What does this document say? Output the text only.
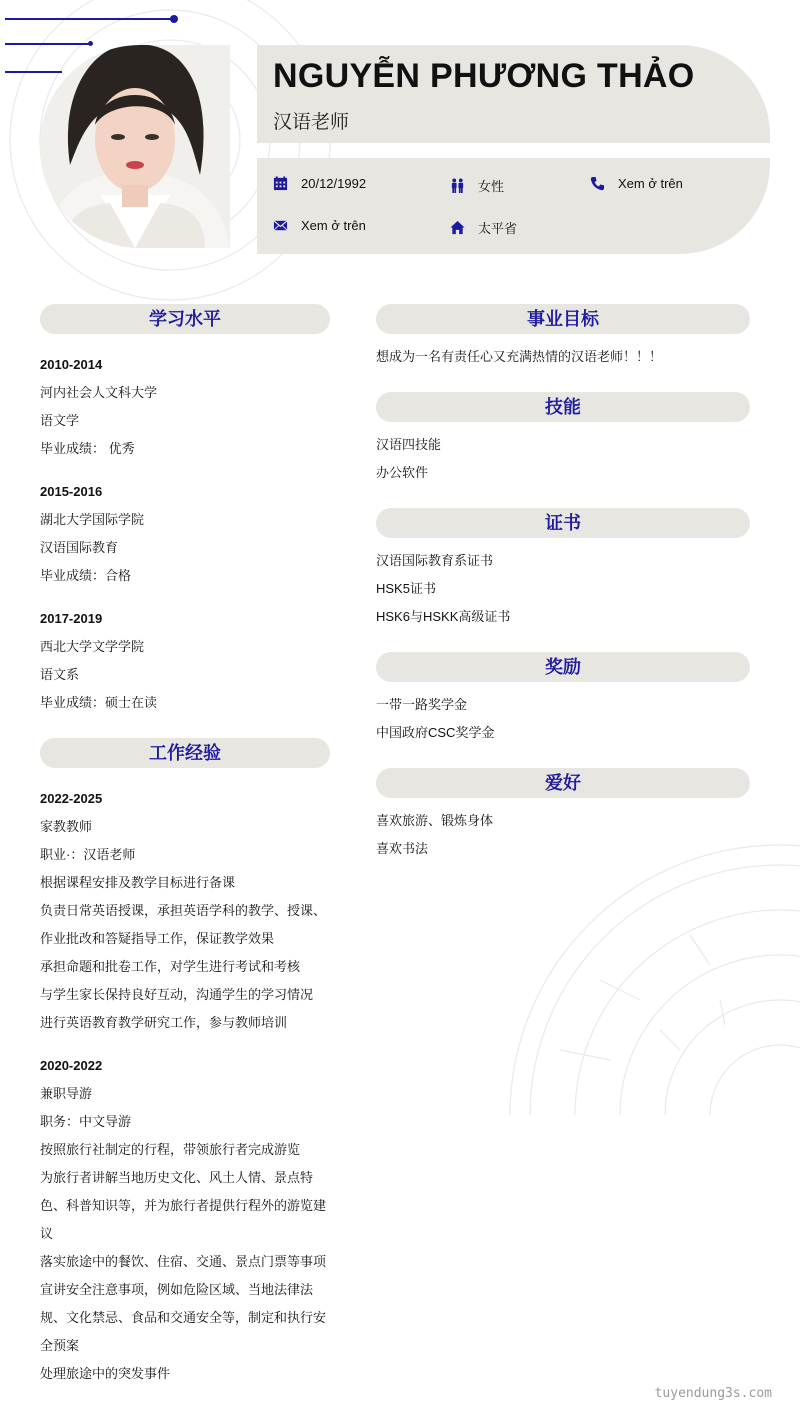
NGUYỄN PHƯƠNG THẢO
汉语老师
20/12/1992	女性	Xem ở trên
Xem ở trên	太平省
学习水平
2010-2014
河内社会人文科大学
语文学
毕业成绩： 优秀
2015-2016
湖北大学国际学院
汉语国际教育
毕业成绩：合格
2017-2019
西北大学文学学院
语文系
毕业成绩：硕士在读
工作经验
2022-2025
家教教师
职业·：汉语老师
根据课程安排及教学目标进行备课
负责日常英语授课，承担英语学科的教学、授课、
作业批改和答疑指导工作，保证教学效果
承担命题和批卷工作，对学生进行考试和考核
与学生家长保持良好互动，沟通学生的学习情况
进行英语教育教学研究工作，参与教师培训
2020-2022
兼职导游
职务：中文导游
按照旅行社制定的行程，带领旅行者完成游览
为旅行者讲解当地历史文化、风土人情、景点特
色、科普知识等，并为旅行者提供行程外的游览建
议
落实旅途中的餐饮、住宿、交通、景点门票等事项
宣讲安全注意事项，例如危险区域、当地法律法
规、文化禁忌、食品和交通安全等，制定和执行安
全预案
处理旅途中的突发事件
事业目标
想成为一名有责任心又充满热情的汉语老师！！！
技能
汉语四技能
办公软件
证书
汉语国际教育系证书
HSK5证书
HSK6与HSKK高级证书
奖励
一带一路奖学金
中国政府CSC奖学金
爱好
喜欢旅游、锻炼身体
喜欢书法
tuyendung3s.com
